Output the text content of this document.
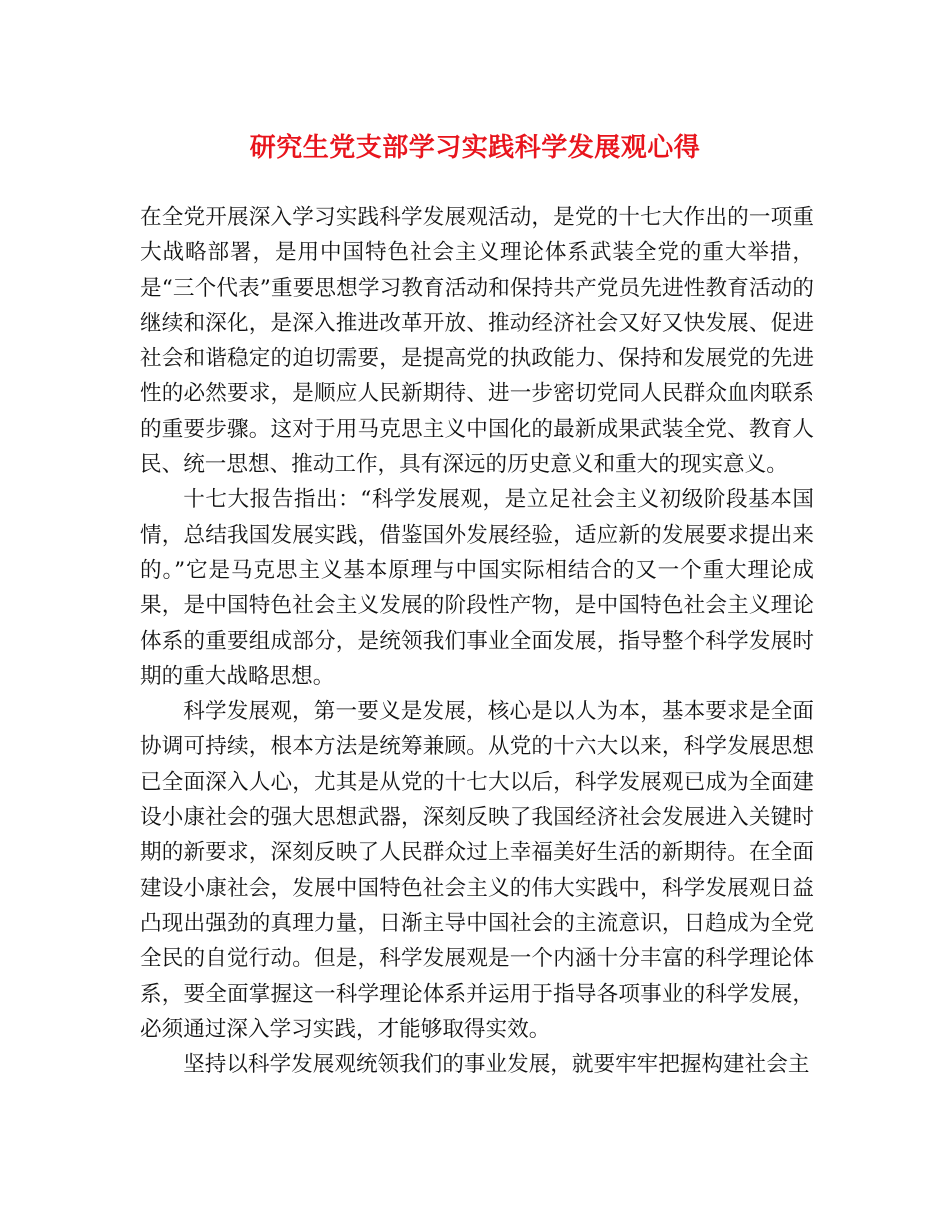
研究生党支部学习实践科学发展观心得

在全党开展深入学习实践科学发展观活动，是党的十七大作出的一项重大战略部署，是用中国特色社会主义理论体系武装全党的重大举措，是“三个代表”重要思想学习教育活动和保持共产党员先进性教育活动的继续和深化，是深入推进改革开放、推动经济社会又好又快发展、促进社会和谐稳定的迫切需要，是提高党的执政能力、保持和发展党的先进性的必然要求，是顺应人民新期待、进一步密切党同人民群众血肉联系的重要步骤。这对于用马克思主义中国化的最新成果武装全党、教育人民、统一思想、推动工作，具有深远的历史意义和重大的现实意义。

十七大报告指出：“科学发展观，是立足社会主义初级阶段基本国情，总结我国发展实践，借鉴国外发展经验，适应新的发展要求提出来的。”它是马克思主义基本原理与中国实际相结合的又一个重大理论成果，是中国特色社会主义发展的阶段性产物，是中国特色社会主义理论体系的重要组成部分，是统领我们事业全面发展，指导整个科学发展时期的重大战略思想。

科学发展观，第一要义是发展，核心是以人为本，基本要求是全面协调可持续，根本方法是统筹兼顾。从党的十六大以来，科学发展思想已全面深入人心，尤其是从党的十七大以后，科学发展观已成为全面建设小康社会的强大思想武器，深刻反映了我国经济社会发展进入关键时期的新要求，深刻反映了人民群众过上幸福美好生活的新期待。在全面建设小康社会，发展中国特色社会主义的伟大实践中，科学发展观日益凸现出强劲的真理力量，日渐主导中国社会的主流意识，日趋成为全党全民的自觉行动。但是，科学发展观是一个内涵十分丰富的科学理论体系，要全面掌握这一科学理论体系并运用于指导各项事业的科学发展，必须通过深入学习实践，才能够取得实效。

坚持以科学发展观统领我们的事业发展，就要牢牢把握构建社会主
